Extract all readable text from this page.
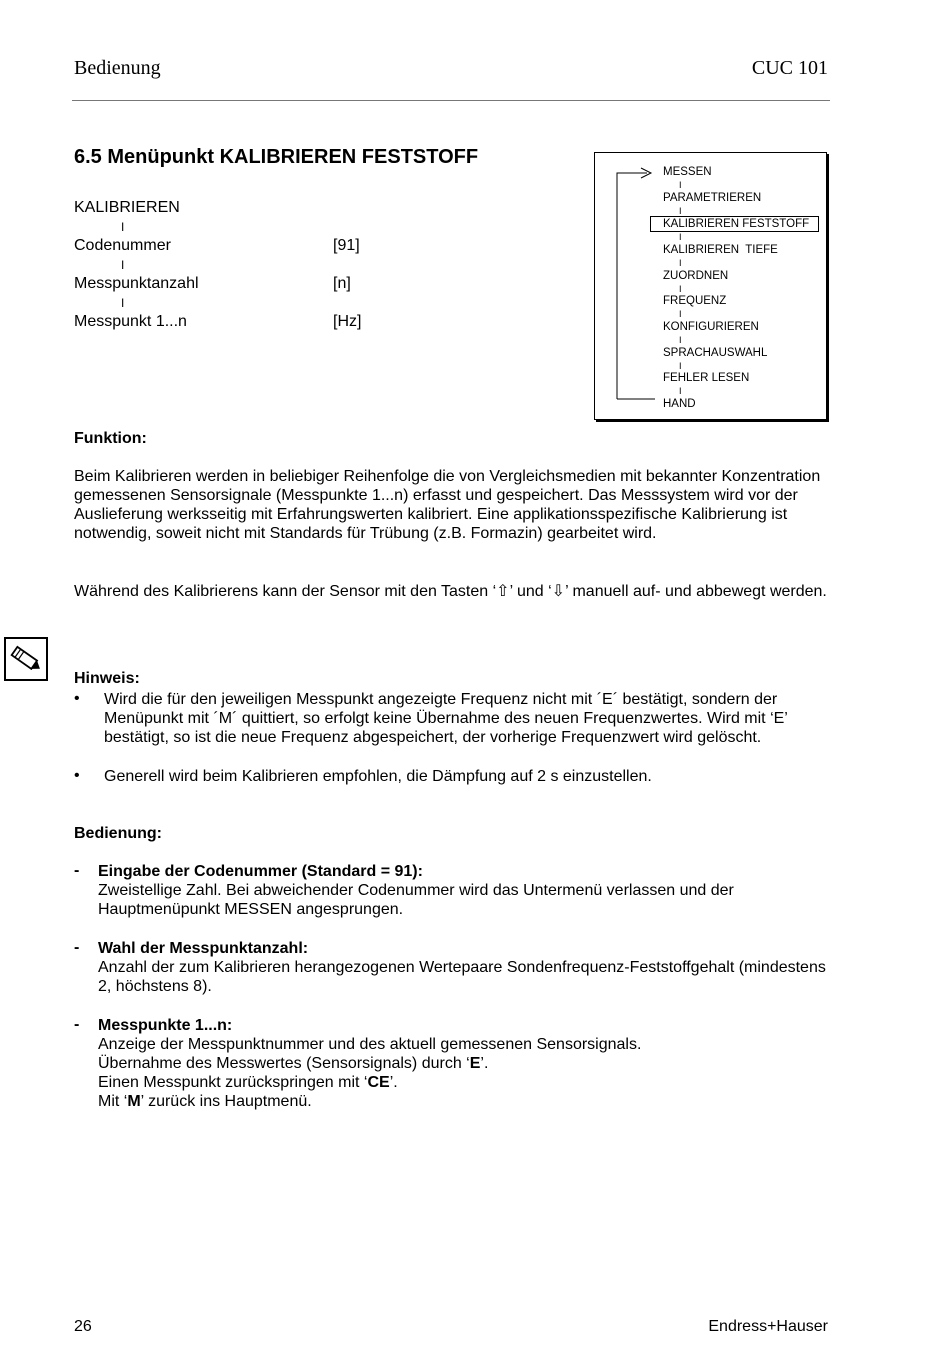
Bedienung	CUC 101
6.5 Menüpunkt KALIBRIEREN FESTSTOFF
KALIBRIEREN
I
Codenummer	[91]
I
Messpunktanzahl	[n]
I
Messpunkt 1...n	[Hz]
MESSEN
I
PARAMETRIEREN
I
KALIBRIEREN FESTSTOFF
I
KALIBRIEREN  TIEFE
I
ZUORDNEN
I
FREQUENZ
I
KONFIGURIEREN
I
SPRACHAUSWAHL
I
FEHLER LESEN
I
HAND
Funktion:
Beim Kalibrieren werden in beliebiger Reihenfolge die von Vergleichsmedien mit bekannter Konzentration gemessenen Sensorsignale (Messpunkte 1...n) erfasst und gespeichert. Das Messsystem wird vor der Auslieferung werksseitig mit Erfahrungswerten kalibriert. Eine applikationsspezifische Kalibrierung ist notwendig, soweit nicht mit Standards für Trübung (z.B. Formazin) gearbeitet wird.
Während des Kalibrierens kann der Sensor mit den Tasten ‘⇧’ und ‘⇩’ manuell auf- und abbewegt werden.
Hinweis:
• Wird die für den jeweiligen Messpunkt angezeigte Frequenz nicht mit ´E´ bestätigt, sondern der Menüpunkt mit ´M´ quittiert, so erfolgt keine Übernahme des neuen Frequenzwertes. Wird mit ‘E’ bestätigt, so ist die neue Frequenz abgespeichert, der vorherige Frequenzwert wird gelöscht.
• Generell wird beim Kalibrieren empfohlen, die Dämpfung auf 2 s einzustellen.
Bedienung:
- Eingabe der Codenummer (Standard = 91):
Zweistellige Zahl. Bei abweichender Codenummer wird das Untermenü verlassen und der Hauptmenüpunkt MESSEN angesprungen.
- Wahl der Messpunktanzahl:
Anzahl der zum Kalibrieren herangezogenen Wertepaare Sondenfrequenz-Feststoffgehalt (mindestens 2, höchstens 8).
- Messpunkte 1...n:
Anzeige der Messpunktnummer und des aktuell gemessenen Sensorsignals.
Übernahme des Messwertes (Sensorsignals) durch ‘E’.
Einen Messpunkt zurückspringen mit ‘CE’.
Mit ‘M’ zurück ins Hauptmenü.
26	Endress+Hauser
